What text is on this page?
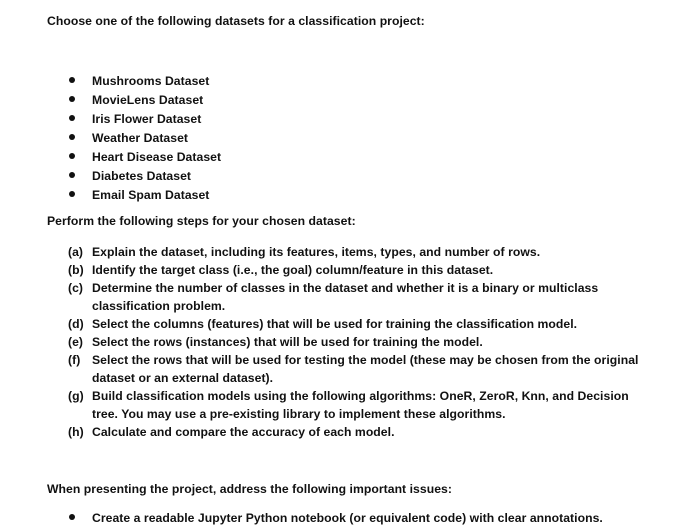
Choose one of the following datasets for a classification project:
Mushrooms Dataset
MovieLens Dataset
Iris Flower Dataset
Weather Dataset
Heart Disease Dataset
Diabetes Dataset
Email Spam Dataset
Perform the following steps for your chosen dataset:
(a) Explain the dataset, including its features, items, types, and number of rows.
(b) Identify the target class (i.e., the goal) column/feature in this dataset.
(c) Determine the number of classes in the dataset and whether it is a binary or multiclass classification problem.
(d) Select the columns (features) that will be used for training the classification model.
(e) Select the rows (instances) that will be used for training the model.
(f) Select the rows that will be used for testing the model (these may be chosen from the original dataset or an external dataset).
(g) Build classification models using the following algorithms: OneR, ZeroR, Knn, and Decision tree. You may use a pre-existing library to implement these algorithms.
(h) Calculate and compare the accuracy of each model.
When presenting the project, address the following important issues:
Create a readable Jupyter Python notebook (or equivalent code) with clear annotations.
